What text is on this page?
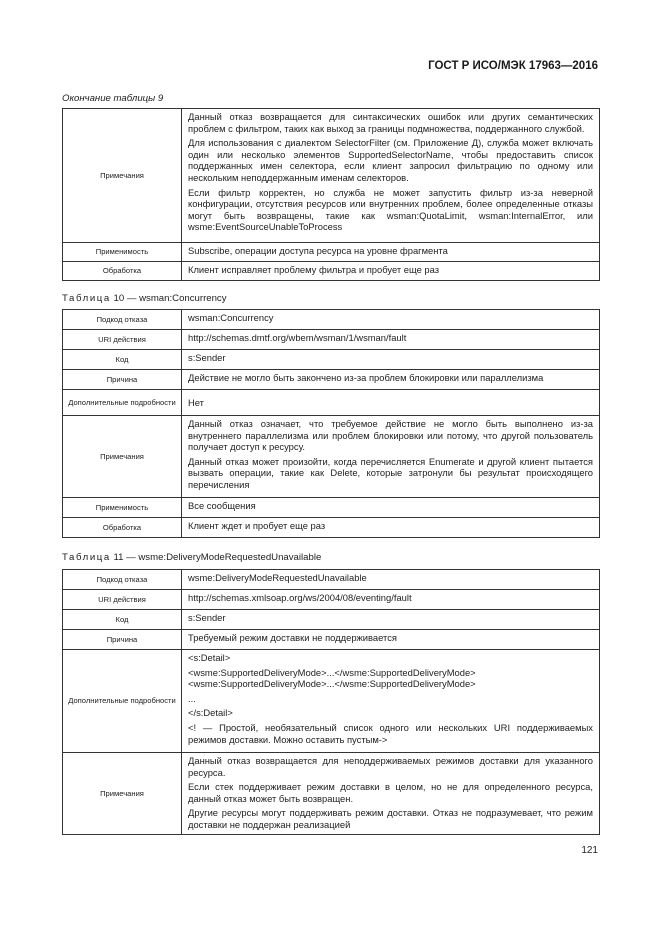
ГОСТ Р ИСО/МЭК 17963—2016
Окончание таблицы 9
Примечания	Данный отказ возвращается для синтаксических ошибок или других семантических проблем с фильтром, таких как выход за границы подмножества, поддержанного службой.

Для использования с диалектом SelectorFilter (см. Приложение Д), служба может включать один или несколько элементов SupportedSelectorName, чтобы предоставить список поддержанных имен селектора, если клиент запросил фильтрацию по одному или нескольким неподдержанным именам селекторов.

Если фильтр корректен, но служба не может запустить фильтр из-за неверной конфигурации, отсутствия ресурсов или внутренних проблем, более определенные отказы могут быть возвращены, такие как wsman:QuotaLimit, wsman:InternalError, или wsme:EventSourceUnableToProcess

Применимость	Subscribe, операции доступа ресурса на уровне фрагмента

Обработка	Клиент исправляет проблему фильтра и пробует еще раз

Таблица 10 — wsman:Concurrency
Подкод отказа	wsman:Concurrency

URI действия	http://schemas.dmtf.org/wbem/wsman/1/wsman/fault

Код	s:Sender

Причина	Действие не могло быть закончено из-за проблем блокировки или параллелизма

Дополнительные подробности	Нет

Примечания	Данный отказ означает, что требуемое действие не могло быть выполнено из-за внутреннего параллелизма или проблем блокировки или потому, что другой пользователь получает доступ к ресурсу.

Данный отказ может произойти, когда перечисляется Enumerate и другой клиент пытается вызвать операции, такие как Delete, которые затронули бы результат происходящего перечисления

Применимость	Все сообщения

Обработка	Клиент ждет и пробует еще раз

Таблица 11 — wsme:DeliveryModeRequestedUnavailable
Подкод отказа	wsme:DeliveryModeRequestedUnavailable

URI действия	http://schemas.xmlsoap.org/ws/2004/08/eventing/fault

Код	s:Sender

Причина	Требуемый режим доставки не поддерживается

Дополнительные подробности	<s:Detail>

<wsme:SupportedDeliveryMode>...</wsme:SupportedDeliveryMode><wsme:SupportedDeliveryMode>...</wsme:SupportedDeliveryMode>

...

</s:Detail>

<! — Простой, необязательный список одного или нескольких URI поддерживаемых режимов доставки. Можно оставить пустым->

Примечания	Данный отказ возвращается для неподдерживаемых режимов доставки для указанного ресурса.

Если стек поддерживает режим доставки в целом, но не для определенного ресурса, данный отказ может быть возвращен.

Другие ресурсы могут поддерживать режим доставки. Отказ не подразумевает, что режим доставки не поддержан реализацией

121
